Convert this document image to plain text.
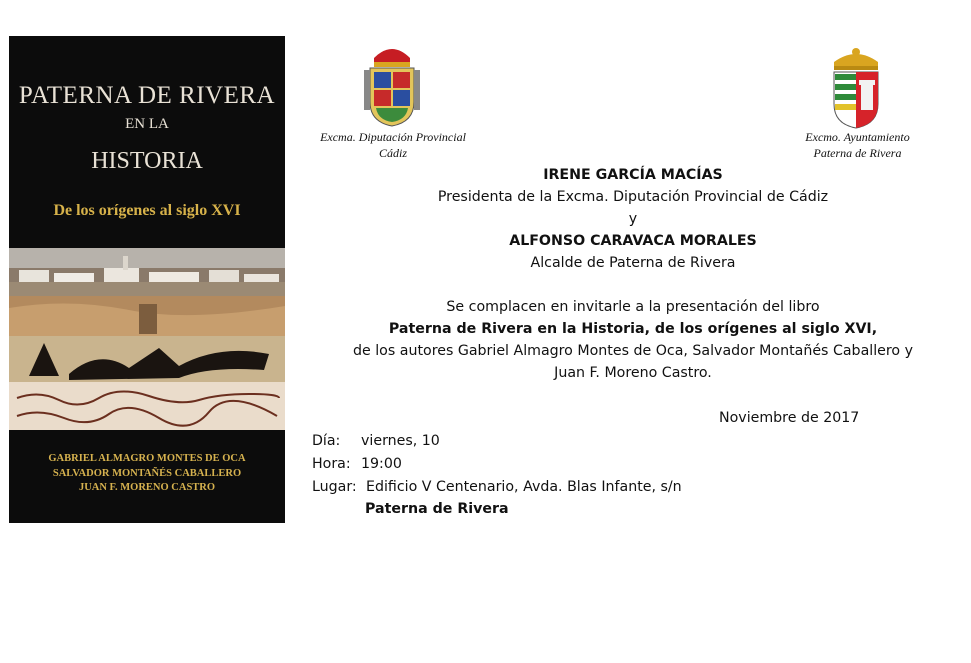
PATERNA DE RIVERA
EN LA
HISTORIA
De los orígenes al siglo XVI
GABRIEL ALMAGRO MONTES DE OCA
SALVADOR MONTAÑÉS CABALLERO
JUAN F. MORENO CASTRO
Excma. Diputación Provincial
Cádiz
Excmo. Ayuntamiento
Paterna de Rivera
IRENE GARCÍA MACÍAS
Presidenta de la Excma. Diputación Provincial de Cádiz
y
ALFONSO CARAVACA MORALES
Alcalde de Paterna de Rivera
Se complacen en invitarle a la presentación del libro
Paterna de Rivera en la Historia, de los orígenes al siglo XVI,
de los autores Gabriel Almagro Montes de Oca, Salvador Montañés Caballero y
Juan F. Moreno Castro.
Noviembre de 2017
Día: viernes, 10
Hora: 19:00
Lugar: Edificio V Centenario, Avda. Blas Infante, s/n
Paterna de Rivera
